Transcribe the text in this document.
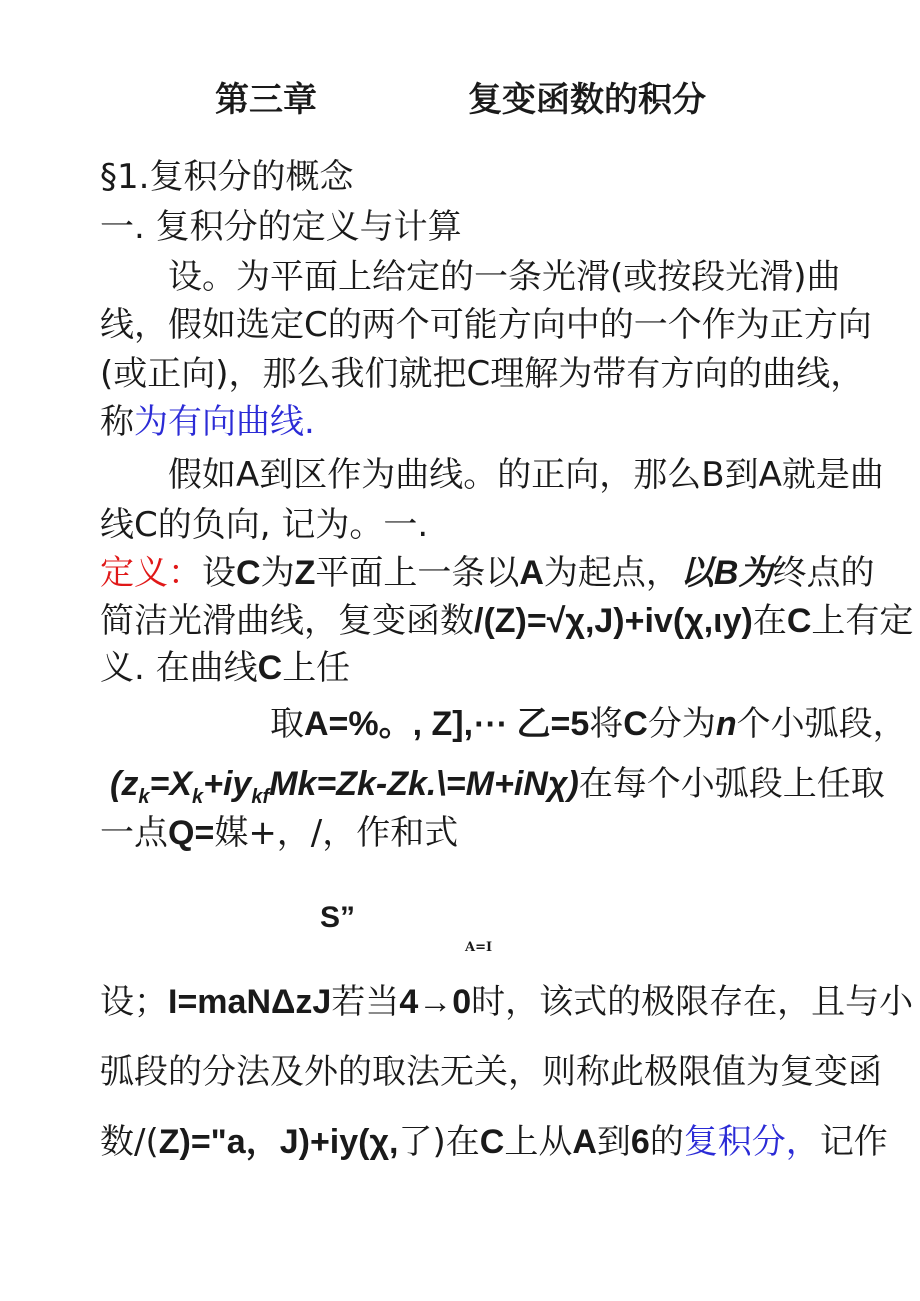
第三章	复变函数的积分
§1.复积分的概念
一. 复积分的定义与计算
设。为平面上给定的一条光滑(或按段光滑)曲
线，假如选定C的两个可能方向中的一个作为正方向
(或正向)，那么我们就把C理解为带有方向的曲线，
称为有向曲线.
假如A到区作为曲线。的正向，那么B到A就是曲
线C的负向, 记为。一.
定义：设C为Z平面上一条以A为起点，以B为终点的
简洁光滑曲线，复变函数/(Z)=√χ,J)+iv(χ,ιy)在C上有定
义. 在曲线C上任
取A=%。, Z],⋯ 乙=5将C分为n个小弧段，
$(z_k=X_k+iy_{kf}Mk=Zk-Zk.\backslash=M+iN\chi)$在每个小弧段上任取
一点Q=媒+，/，作和式
S”
A=I
设；I=maNΔzJ若当4→0时，该式的极限存在，且与小
弧段的分法及外的取法无关，则称此极限值为复变函
数/(Z)="a，J)+iy(χ,了)在C上从A到6的复积分，记作
